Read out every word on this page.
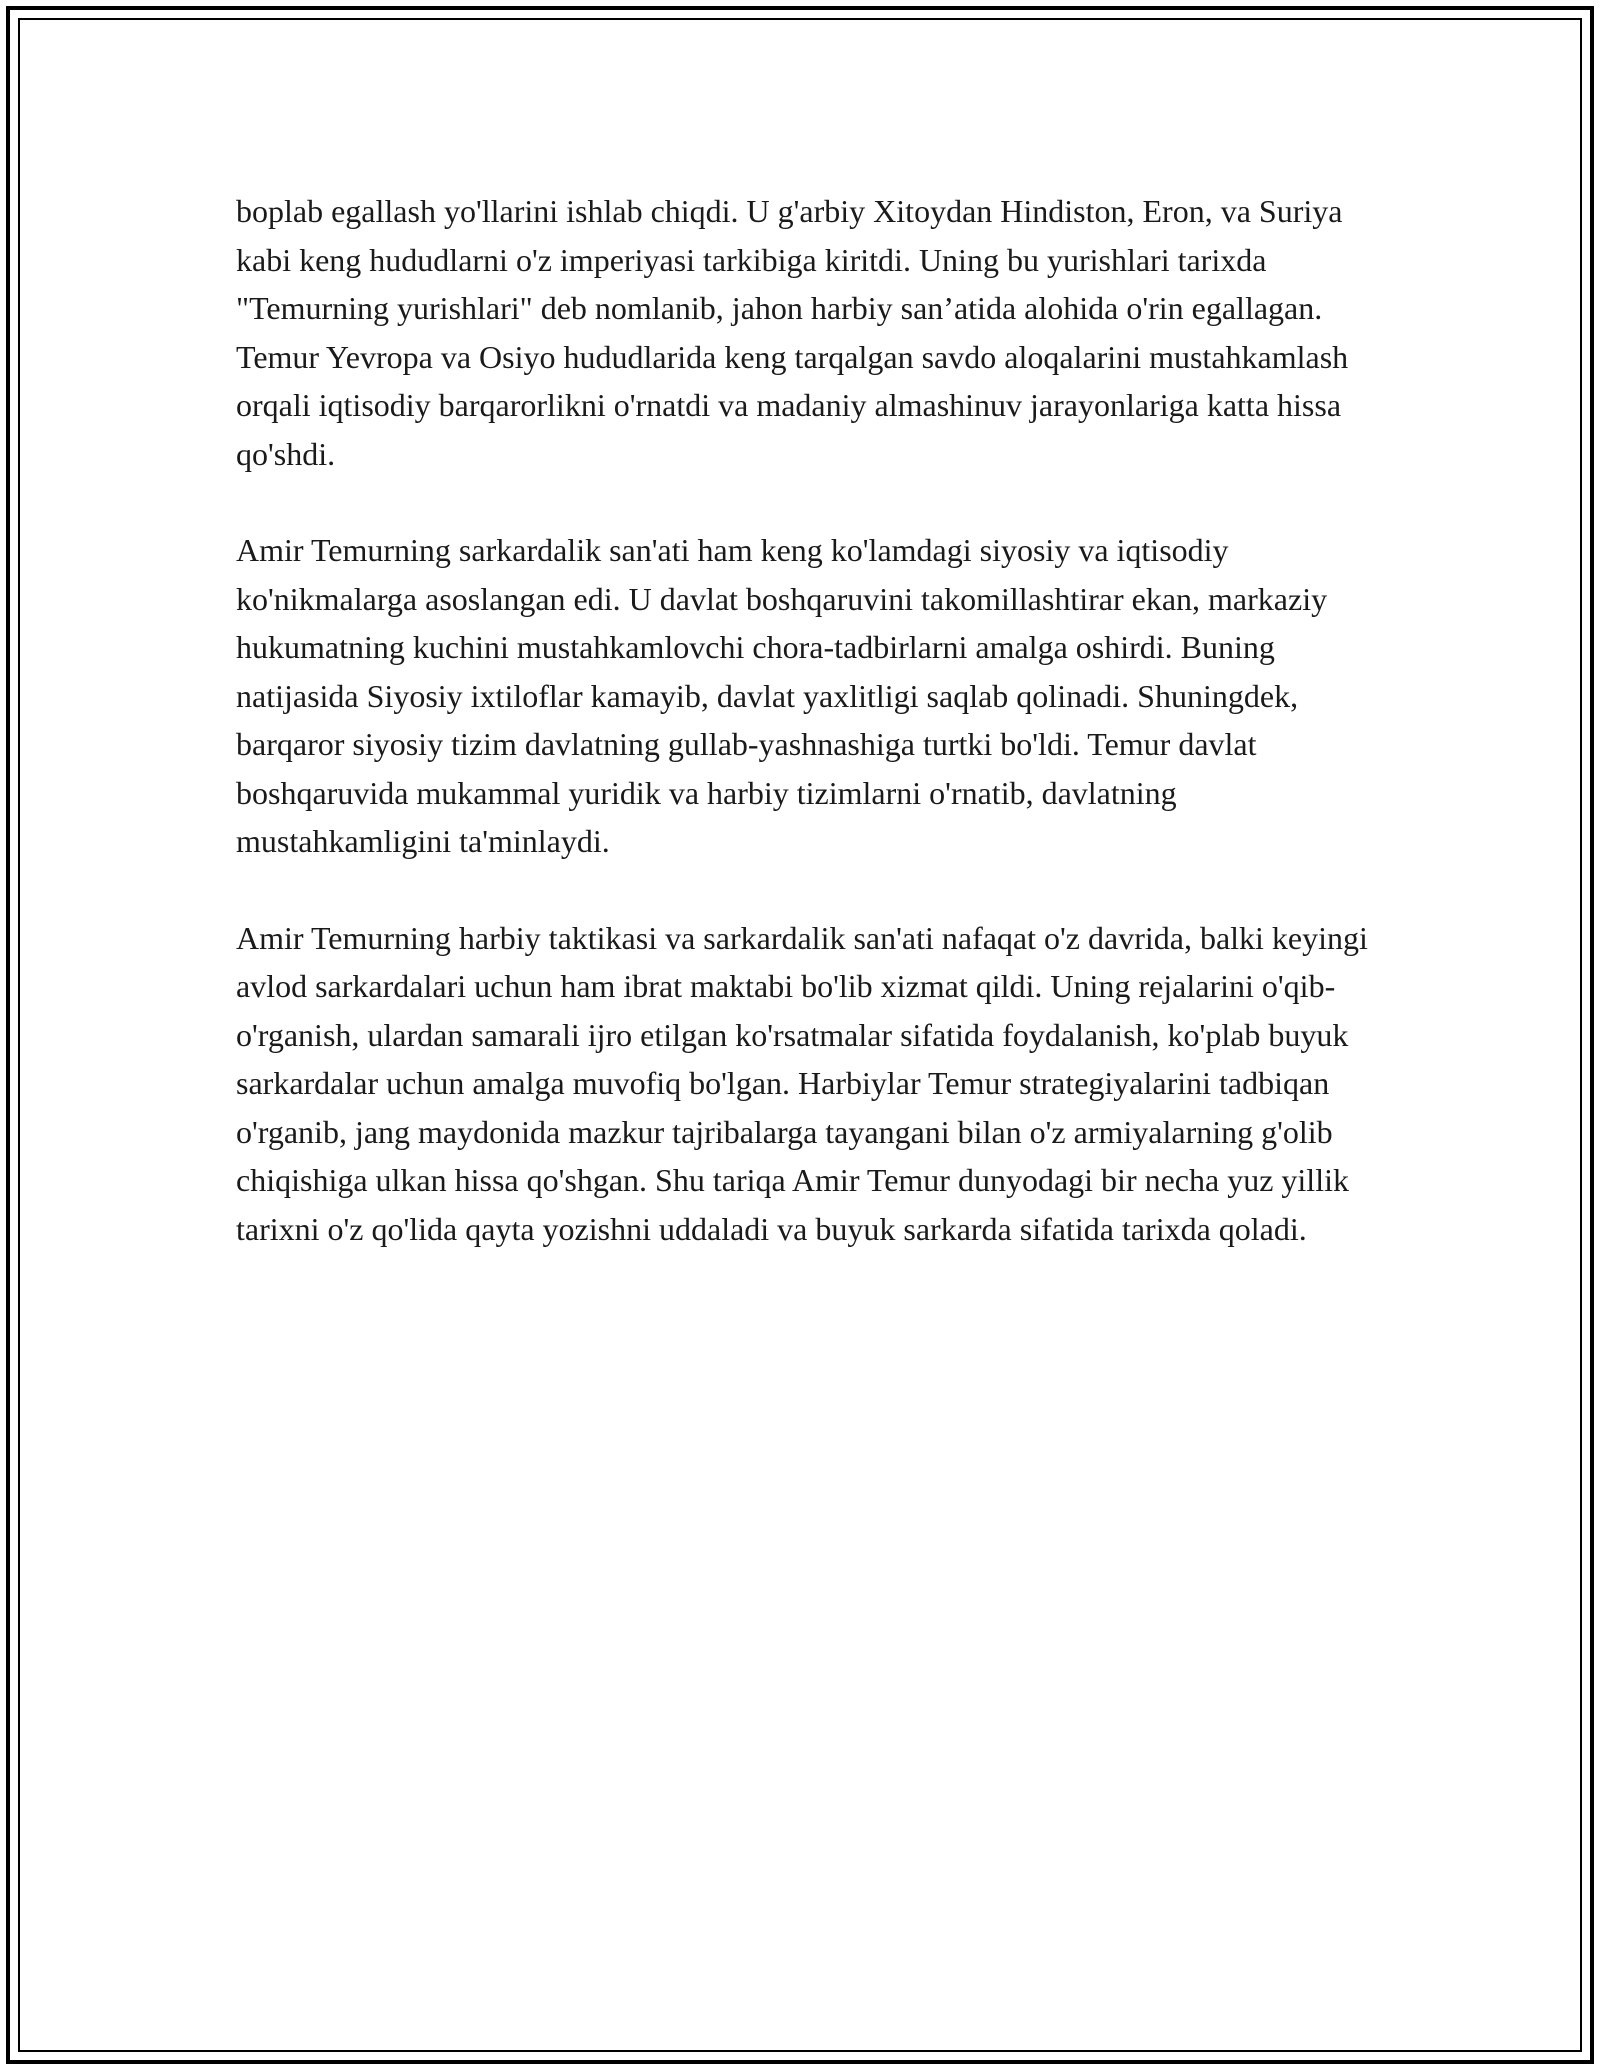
boplab egallash yo'llarini ishlab chiqdi. U g'arbiy Xitoydan Hindiston, Eron, va Suriya kabi keng hududlarni o'z imperiyasi tarkibiga kiritdi. Uning bu yurishlari tarixda "Temurning yurishlari" deb nomlanib, jahon harbiy san’atida alohida o'rin egallagan. Temur Yevropa va Osiyo hududlarida keng tarqalgan savdo aloqalarini mustahkamlash orqali iqtisodiy barqarorlikni o'rnatdi va madaniy almashinuv jarayonlariga katta hissa qo'shdi.

Amir Temurning sarkardalik san'ati ham keng ko'lamdagi siyosiy va iqtisodiy ko'nikmalarga asoslangan edi. U davlat boshqaruvini takomillashtirar ekan, markaziy hukumatning kuchini mustahkamlovchi chora-tadbirlarni amalga oshirdi. Buning natijasida Siyosiy ixtiloflar kamayib, davlat yaxlitligi saqlab qolinadi. Shuningdek, barqaror siyosiy tizim davlatning gullab-yashnashiga turtki bo'ldi. Temur davlat boshqaruvida mukammal yuridik va harbiy tizimlarni o'rnatib, davlatning mustahkamligini ta'minlaydi.

Amir Temurning harbiy taktikasi va sarkardalik san'ati nafaqat o'z davrida, balki keyingi avlod sarkardalari uchun ham ibrat maktabi bo'lib xizmat qildi. Uning rejalarini o'qib-o'rganish, ulardan samarali ijro etilgan ko'rsatmalar sifatida foydalanish, ko'plab buyuk sarkardalar uchun amalga muvofiq bo'lgan. Harbiylar Temur strategiyalarini tadbiqan o'rganib, jang maydonida mazkur tajribalarga tayangani bilan o'z armiyalarning g'olib chiqishiga ulkan hissa qo'shgan. Shu tariqa Amir Temur dunyodagi bir necha yuz yillik tarixni o'z qo'lida qayta yozishni uddaladi va buyuk sarkarda sifatida tarixda qoladi.
